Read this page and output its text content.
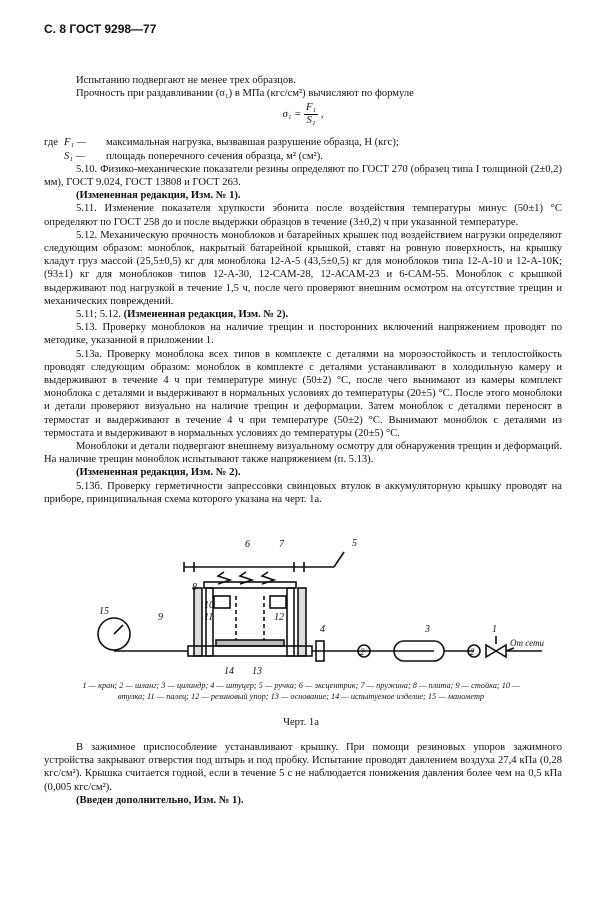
С. 8 ГОСТ 9298—77

Испытанию подвергают не менее трех образцов.

Прочность при раздавливании (σ₁) в МПа (кгс/см²) вычисляют по формуле

$\sigma_1 = \frac{\text{F₁}}{\text{S₁}}$ ,
где F₁ —	максимальная нагрузка, вызвавшая разрушение образца, Н (кгс);
S₁ —	площадь поперечного сечения образца, м² (см²).

5.10. Физико-механические показатели резины определяют по ГОСТ 270 (образец типа I толщиной (2±0,2) мм), ГОСТ 9.024, ГОСТ 13808 и ГОСТ 263.

(Измененная редакция, Изм. № 1).

5.11. Изменение показателя хрупкости эбонита после воздействия температуры минус (50±1) °С определяют по ГОСТ 258 до и после выдержки образцов в течение (3±0,2) ч при указанной температуре.

5.12. Механическую прочность моноблоков и батарейных крышек под воздействием нагрузки определяют следующим образом: моноблок, накрытый батарейной крышкой, ставят на ровную поверхность, на крышку кладут груз массой (25,5±0,5) кг для моноблока 12-А-5 (43,5±0,5) кг для моноблоков типа 12-А-10 и 12-А-10К; (93±1) кг для моноблоков типов 12-А-30, 12-САМ-28, 12-АСАМ-23 и 6-САМ-55. Моноблок с крышкой выдерживают под нагрузкой в течение 1,5 ч, после чего проверяют внешним осмотром на отсутствие трещин и механических повреждений.

5.11; 5.12. (Измененная редакция, Изм. № 2).

5.13. Проверку моноблоков на наличие трещин и посторонних включений напряжением проводят по методике, указанной в приложении 1.

5.13а. Проверку моноблока всех типов в комплекте с деталями на морозостойкость и теплостойкость проводят следующим образом: моноблок в комплекте с деталями устанавливают в холодильную камеру и выдерживают в течение 4 ч при температуре минус (50±2) °С, после чего вынимают из камеры комплект моноблока с деталями и выдерживают в нормальных условиях до температуры (20±5) °С. После этого моноблоки и детали проверяют визуально на наличие трещин и деформации. Затем моноблок с деталями переносят в термостат и выдерживают в течение 4 ч при температуре (50±2) °С. Вынимают моноблок с деталями из термостата и выдерживают в нормальных условиях до температуры (20±5) °С.

Моноблоки и детали подвергают внешнему визуальному осмотру для обнаружения трещин и деформаций. На наличие трещин моноблок испытывают также напряжением (п. 5.13).

(Измененная редакция, Изм. № 2).

5.13б. Проверку герметичности запрессовки свинцовых втулок в аккумуляторную крышку проводят на приборе, принципиальная схема которого указана на черт. 1а.

6	7	5
8
9
10
11	12
14 13
15
4
2	2
3	1
От сети
1 — кран; 2 — шланг; 3 — цилиндр; 4 — штуцер; 5 — ручка; 6 — эксцентрик; 7 — пружина; 8 — плита; 9 — стойка; 10 — втулка; 11 — палец; 12 — резиновый упор; 13 — основание; 14 — испытуемое изделие; 15 — манометр
Черт. 1а

В зажимное приспособление устанавливают крышку. При помощи резиновых упоров зажимного устройства закрывают отверстия под штырь и под пробку. Испытание проводят давлением воздуха 27,4 кПа (0,28 кгс/см²). Крышка считается годной, если в течение 5 с не наблюдается понижения давления более чем на 0,5 кПа (0,005 кгс/см²).

(Введен дополнительно, Изм. № 1).
